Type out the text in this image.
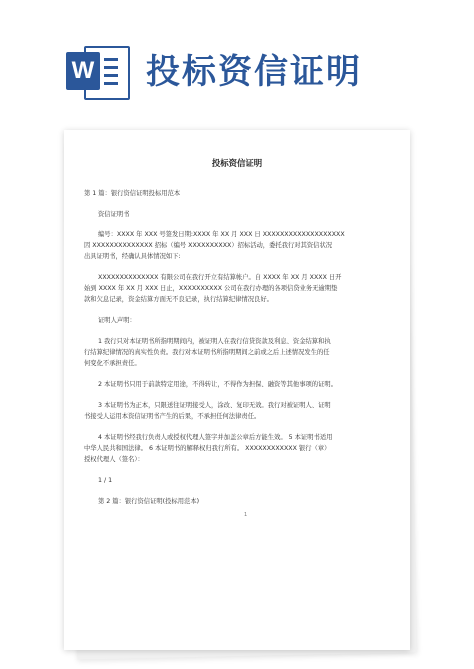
W 投标资信证明
投标资信证明
第 1 篇：银行资信证明投标用范本
资信证明书
编号：XXXX 年 XXX 号签发日期:XXXX 年 XX 月 XXX 日 XXXXXXXXXXXXXXXXXXX
因 XXXXXXXXXXXXXX 招标（编号 XXXXXXXXXX）招标活动，委托我行对其资信状况
出具证明书，经确认具体情况如下:
XXXXXXXXXXXXXX 有限公司在我行开立有结算帐户。自 XXXX 年 XX 月 XXXX 日开
始到 XXXX 年 XX 月 XXX 日止，XXXXXXXXXX 公司在我行办理的各项信贷业务无逾期垫
款和欠息记录，资金结算方面无不良记录，执行结算纪律情况良好。
证明人声明：
1 我行只对本证明书所指明期间内，被证明人在我行信贷资款及利息、资金结算和执
行结算纪律情况的真实性负责。我行对本证明书所指明期间之前或之后上述情况发生的任
何变化不承担责任。
2 本证明书只用于前款特定用途，不得转让，不得作为担保、融资等其他事项的证明。
3 本证明书为正本，只限送往证明接受人，涂改、复印无效。我行对被证明人、证明
书接受人运用本资信证明书产生的后果，不承担任何法律责任。
4 本证明书经我行负责人或授权代理人签字并加盖公章后方能生效。 5 本证明书适用
中华人民共和国法律。 6 本证明书的解释权归我行所有。 XXXXXXXXXXXX 银行（章）
授权代理人（签名）：
1 / 1
第 2 篇：银行资信证明(投标用范本)
1
